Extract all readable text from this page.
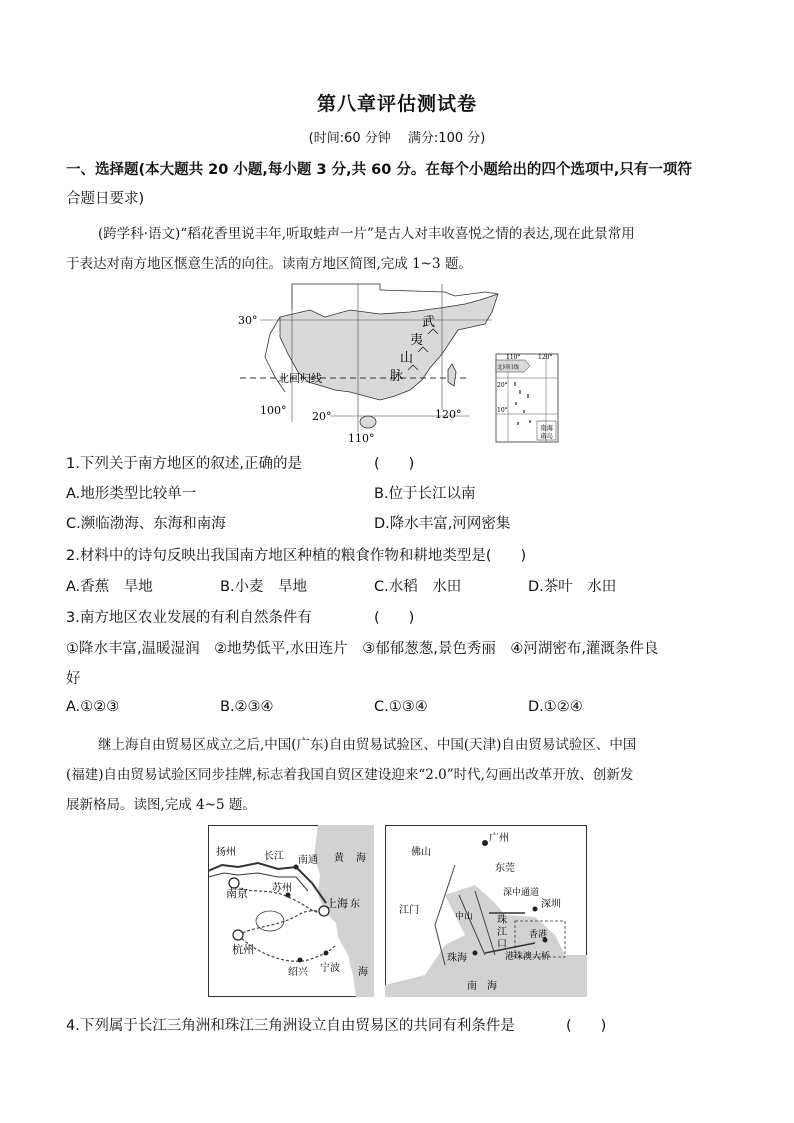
第八章评估测试卷
(时间:60 分钟　 满分:100 分)
一、选择题(本大题共 20 小题,每小题 3 分,共 60 分。在每个小题给出的四个选项中,只有一项符
合题日要求)
(跨学科·语文)“稻花香里说丰年,听取蛙声一片”是古人对丰收喜悦之情的表达,现在此景常用
于表达对南方地区惬意生活的向往。读南方地区简图,完成 1~3 题。
30°
北回归线
100° 20°
110°
120°
武
夷
山
脉
110°	120°
北回归线
20°
10°
南海
诸岛
1.下列关于南方地区的叙述,正确的是	(　　)
A.地形类型比较单一	B.位于长江以南
C.濒临渤海、东海和南海	D.降水丰富,河网密集
2.材料中的诗句反映出我国南方地区种植的粮食作物和耕地类型是(　　)
A.香蕉　旱地	B.小麦　旱地	C.水稻　水田	D.茶叶　水田
3.南方地区农业发展的有利自然条件有	(　　)
①降水丰富,温暖湿润　②地势低平,水田连片　③郁郁葱葱,景色秀丽　④河湖密布,灌溉条件良
好
A.①②③	B.②③④	C.①③④	D.①②④
继上海自由贸易区成立之后,中国(广东)自由贸易试验区、中国(天津)自由贸易试验区、中国
(福建)自由贸易试验区同步挂牌,标志着我国自贸区建设迎来“2.0”时代,勾画出改革开放、创新发
展新格局。读图,完成 4~5 题。
扬州
南京
长 江 南通
苏州
上海
黄 海
东
海
杭州
绍兴 宁波
广州
佛山
东莞
深中通道
深圳
江门
中山 珠
江
口
香港
珠海	港珠澳大桥
南　海
4.下列属于长江三角洲和珠江三角洲设立自由贸易区的共同有利条件是	(　　)
